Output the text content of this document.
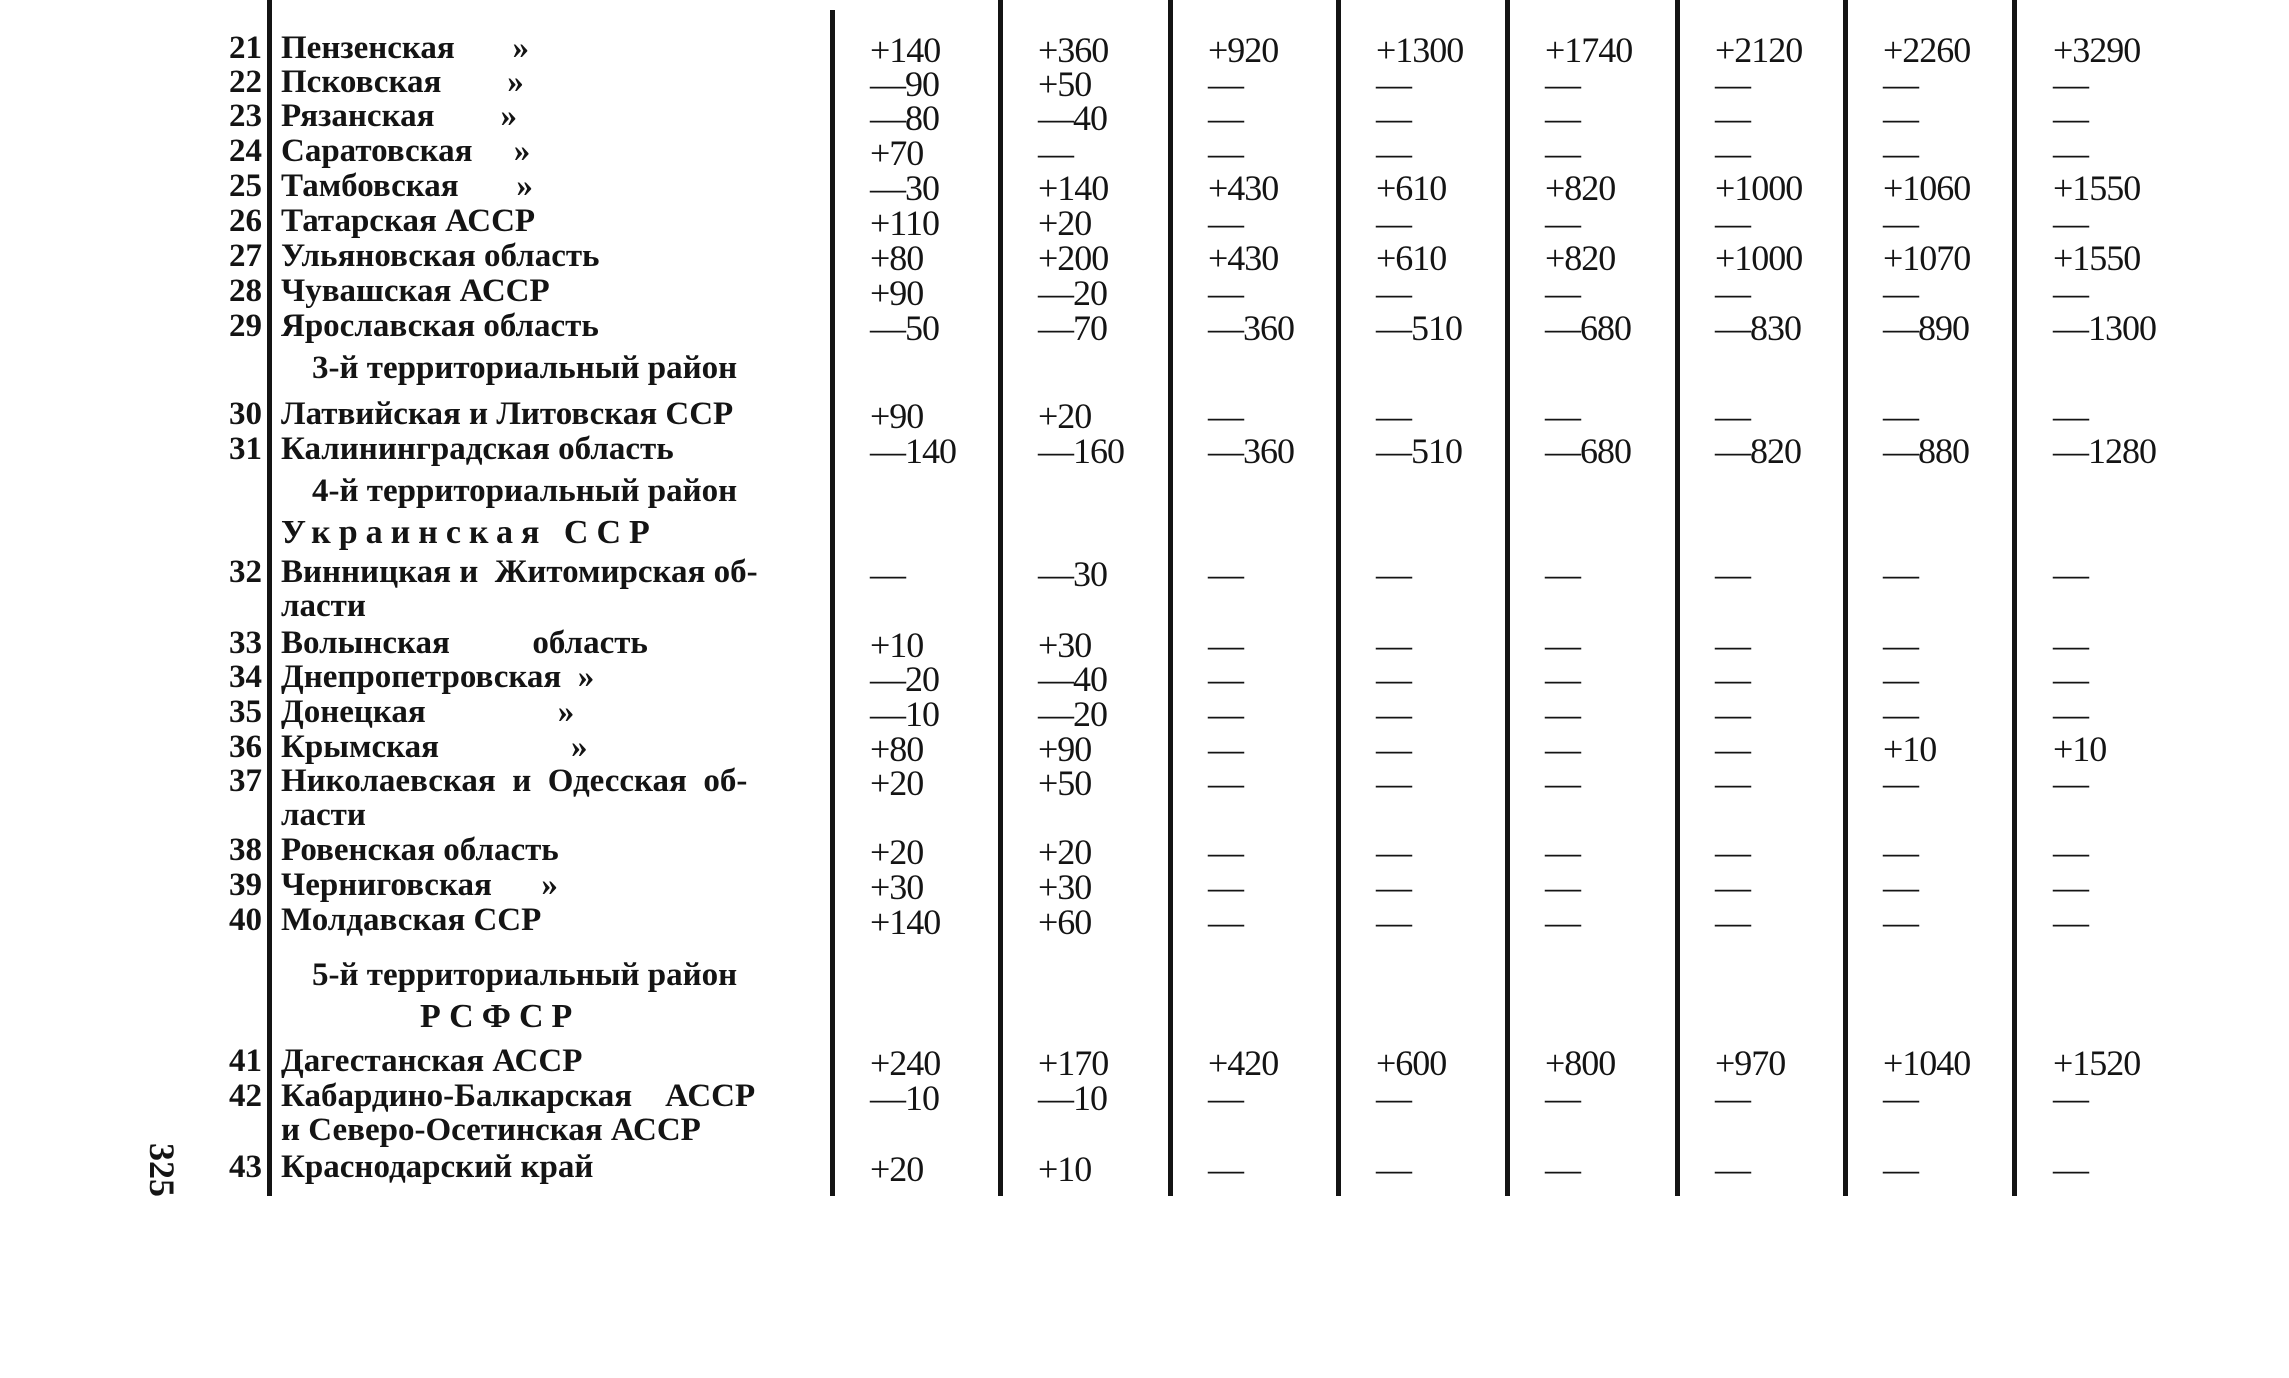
325
21 Пензенская       »	+140	+360	+920	+1300 +1740 +2120 +2260 +3290
22 Псковская        »	—90	+50	—	—	—	—	—	—
23 Рязанская        »	—80	—40	—	—	—	—	—	—
24 Саратовская     »	+70	—	—	—	—	—	—	—
25 Тамбовская       »	—30	+140	+430	+610	+820	+1000 +1060 +1550
26 Татарская АССР	+110	+20	—	—	—	—	—	—
27 Ульяновская область	+80	+200	+430	+610	+820	+1000 +1070 +1550
28 Чувашская АССР	+90	—20	—	—	—	—	—	—
29 Ярославская область	—50	—70	—360 —510 —680 —830 —890 —1300
3-й территориальный район
30 Латвийская и Литовская ССР	+90	+20	—	—	—	—	—	—
31 Калининградская область	—140 —160 —360 —510 —680 —820 —880 —1280
4-й территориальный район
Украинская ССР
32 Винницкая и  Житомирская об-
ласти
—	—30	—	—	—	—	—	—
33 Волынская          область	+10	+30	—	—	—	—	—	—
34 Днепропетровская  »	—20	—40	—	—	—	—	—	—
35 Донецкая                »	—10	—20	—	—	—	—	—	—
36 Крымская                »	+80	+90	—	—	—	—	+10	+10
37 Николаевская  и  Одесская  об-
ласти
+20	+50	—	—	—	—	—	—
38 Ровенская область	+20	+20	—	—	—	—	—	—
39 Черниговская      »	+30	+30	—	—	—	—	—	—
40 Молдавская ССР	+140	+60	—	—	—	—	—	—
5-й территориальный район
РСФСР
41 Дагестанская АССР	+240	+170	+420	+600	+800	+970	+1040 +1520
42 Кабардино-Балкарская    АССР
и Северо-Осетинская АССР
—10	—10	—	—	—	—	—	—
43 Краснодарский край	+20	+10	—	—	—	—	—	—
